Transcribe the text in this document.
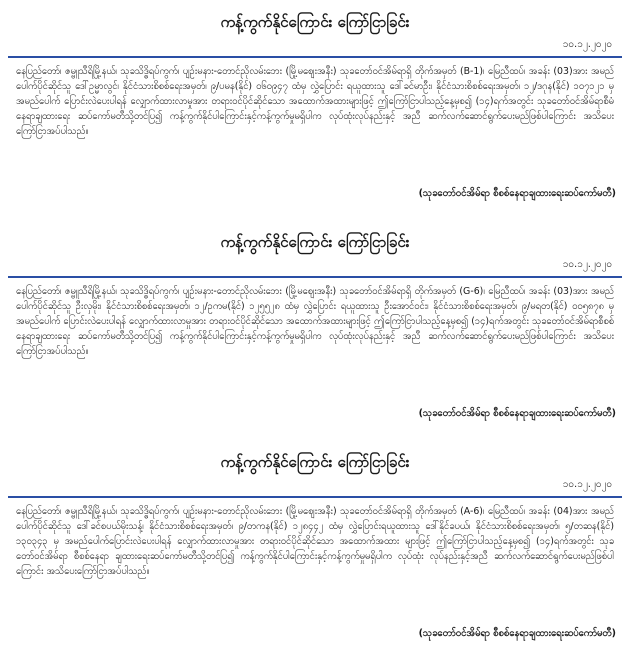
ကန့်ကွက်နိုင်ကြောင်း ကြော်ငြာခြင်း
၁၀.၁၂.၂၀၂၀
နေပြည်တော်၊ ဇမ္ဗူသီရိမြို့နယ်၊ သုခသိဒ္ဓိရပ်ကွက်၊ ပျဉ်းမနား-တောင်ညိုလမ်းဘေး (မြို့မဈေးအနီး) သုခတော်ဝင်အိမ်ရာရှိ တိုက်အမှတ် (B-1)၊ မြေညီထပ်၊ အခန်း (03)အား အမည် ပေါက်ပိုင်ဆိုင်သူ ဒေါ်ဥမ္မာလွင်၊ နိုင်ငံသားစိစစ်ရေးအမှတ်၊ ၉/ပမန(နိုင်) ၀၆၀၉၄၇ ထံမှ လွှဲပြောင်း ရယူထားသူ ဒေါ်ခင်မာဦး၊ နိုင်ငံသားစိစစ်ရေးအမှတ်၊ ၁၂/ဒဂုန(နိုင်) ၁၀၇၁၂၁ မှ အမည်ပေါက် ပြောင်းလဲပေးပါရန် လျှောက်ထားလာမှုအား တရားဝင်ပိုင်ဆိုင်သော အထောက်အထားများဖြင့် ဤကြော်ငြာပါသည့်နေ့မှစ၍ (၁၄)ရက်အတွင်း သုခတော်ဝင်အိမ်ရာစီမံ နေရာချထားရေး ဆပ်ကော်မတီသို့တင်ပြ၍ ကန့်ကွက်နိုင်ပါကြောင်းနှင့်ကန့်ကွက်မှုမရှိပါက လုပ်ထုံးလုပ်နည်းနှင့် အညီ ဆက်လက်ဆောင်ရွက်ပေးမည်ဖြစ်ပါကြောင်း အသိပေးကြော်ငြာအပ်ပါသည်။
(သုခတော်ဝင်အိမ်ရာ စီစစ်နေရာချထားရေးဆပ်ကော်မတီ)
ကန့်ကွက်နိုင်ကြောင်း ကြော်ငြာခြင်း
၁၀.၁၂.၂၀၂၀
နေပြည်တော်၊ ဇမ္ဗူသီရိမြို့နယ်၊ သုခသိဒ္ဓိရပ်ကွက်၊ ပျဉ်းမနား-တောင်ညိုလမ်းဘေး (မြို့မဈေးအနီး) သုခတော်ဝင်အိမ်ရာရှိ တိုက်အမှတ် (G-6)၊ မြေညီထပ်၊ အခန်း (03)အား အမည် ပေါက်ပိုင်ဆိုင်သူ ဦးလှမိုး၊ နိုင်ငံသားစိစစ်ရေးအမှတ်၊ ၁၂/ဥကမ(နိုင်) ၁၂၅၅၂၈ ထံမှ လွှဲပြောင်း ရယူထားသူ ဦးအောင်ဝင်း၊ နိုင်ငံသားစိစစ်ရေးအမှတ်၊ ၉/မရတ(နိုင်) ၀၀၅၈၇၈ မှ အမည်ပေါက် ပြောင်းလဲပေးပါရန် လျှောက်ထားလာမှုအား တရားဝင်ပိုင်ဆိုင်သော အထောက်အထားများဖြင့် ဤကြော်ငြာပါသည့်နေ့မှစ၍ (၁၄)ရက်အတွင်း သုခတော်ဝင်အိမ်ရာစီစစ် နေရာချထားရေး ဆပ်ကော်မတီသို့တင်ပြ၍ ကန့်ကွက်နိုင်ပါကြောင်းနှင့်ကန့်ကွက်မှုမရှိပါက လုပ်ထုံးလုပ်နည်းနှင့် အညီ ဆက်လက်ဆောင်ရွက်ပေးမည်ဖြစ်ပါကြောင်း အသိပေးကြော်ငြာအပ်ပါသည်။
(သုခတော်ဝင်အိမ်ရာ စီစစ်နေရာချထားရေးဆပ်ကော်မတီ)
ကန့်ကွက်နိုင်ကြောင်း ကြော်ငြာခြင်း
၁၀.၁၂.၂၀၂၀
နေပြည်တော်၊ ဇမ္ဗူသီရိမြို့နယ်၊ သုခသိဒ္ဓိရပ်ကွက်၊ ပျဉ်းမနား-တောင်ညိုလမ်းဘေး (မြို့မဈေးအနီး) သုခတော်ဝင်အိမ်ရာရှိ တိုက်အမှတ် (A-6)၊ မြေညီထပ်၊ အခန်း (04)အား အမည် ပေါက်ပိုင်ဆိုင်သူ ဒေါ်ခင်စပယ်မိုးသန့်၊ နိုင်ငံသားစိစစ်ရေးအမှတ်၊ ၉/တကန(နိုင်) ၁၂၈၄၄၂ ထံမှ လွှဲပြောင်းရယူထားသူ ဒေါ်နိုင်ခပယ်၊ နိုင်ငံသားစိစစ်ရေးအမှတ်၊ ၅/တဆန(နိုင်) ၁၃၀၃၄၃ မှ အမည်ပေါက်ပြောင်းလဲပေးပါရန် လျှောက်ထားလာမှုအား တရားဝင်ပိုင်ဆိုင်သော အထောက်အထား များဖြင့် ဤကြော်ငြာပါသည့်နေ့မှစ၍ (၁၄)ရက်အတွင်း သုခတော်ဝင်အိမ်ရာ စီစစ်နေရာ ချထားရေးဆပ်ကော်မတီသို့တင်ပြ၍ ကန့်ကွက်နိုင်ပါကြောင်းနှင့်ကန့်ကွက်မှုမရှိပါက လုပ်ထုံး လုပ်နည်းနှင့်အညီ ဆက်လက်ဆောင်ရွက်ပေးမည်ဖြစ်ပါကြောင်း အသိပေးကြော်ငြာအပ်ပါသည်။
(သုခတော်ဝင်အိမ်ရာ စီစစ်နေရာချထားရေးဆပ်ကော်မတီ)
